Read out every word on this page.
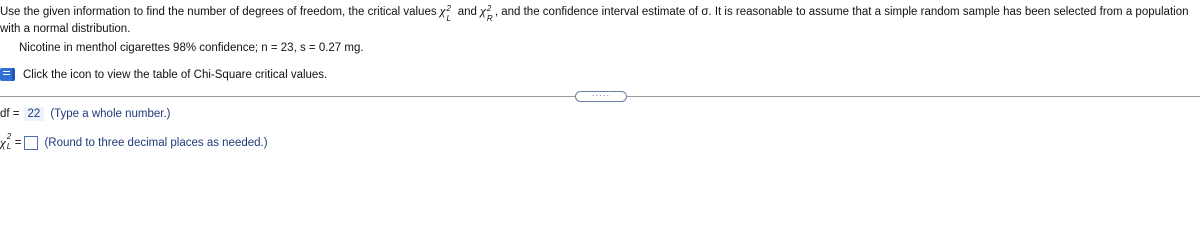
Use the given information to find the number of degrees of freedom, the critical values χ 2
L
and χ 2
R
, and the confidence interval estimate of σ. It is reasonable to assume that a simple random sample has been selected from a population with a normal distribution.
Nicotine in menthol cigarettes 98% confidence; n = 23, s = 0.27 mg.
Click the icon to view the table of Chi-Square critical values.
·····
df = 22 (Type a whole number.)
χ 2
L = (Round to three decimal places as needed.)
